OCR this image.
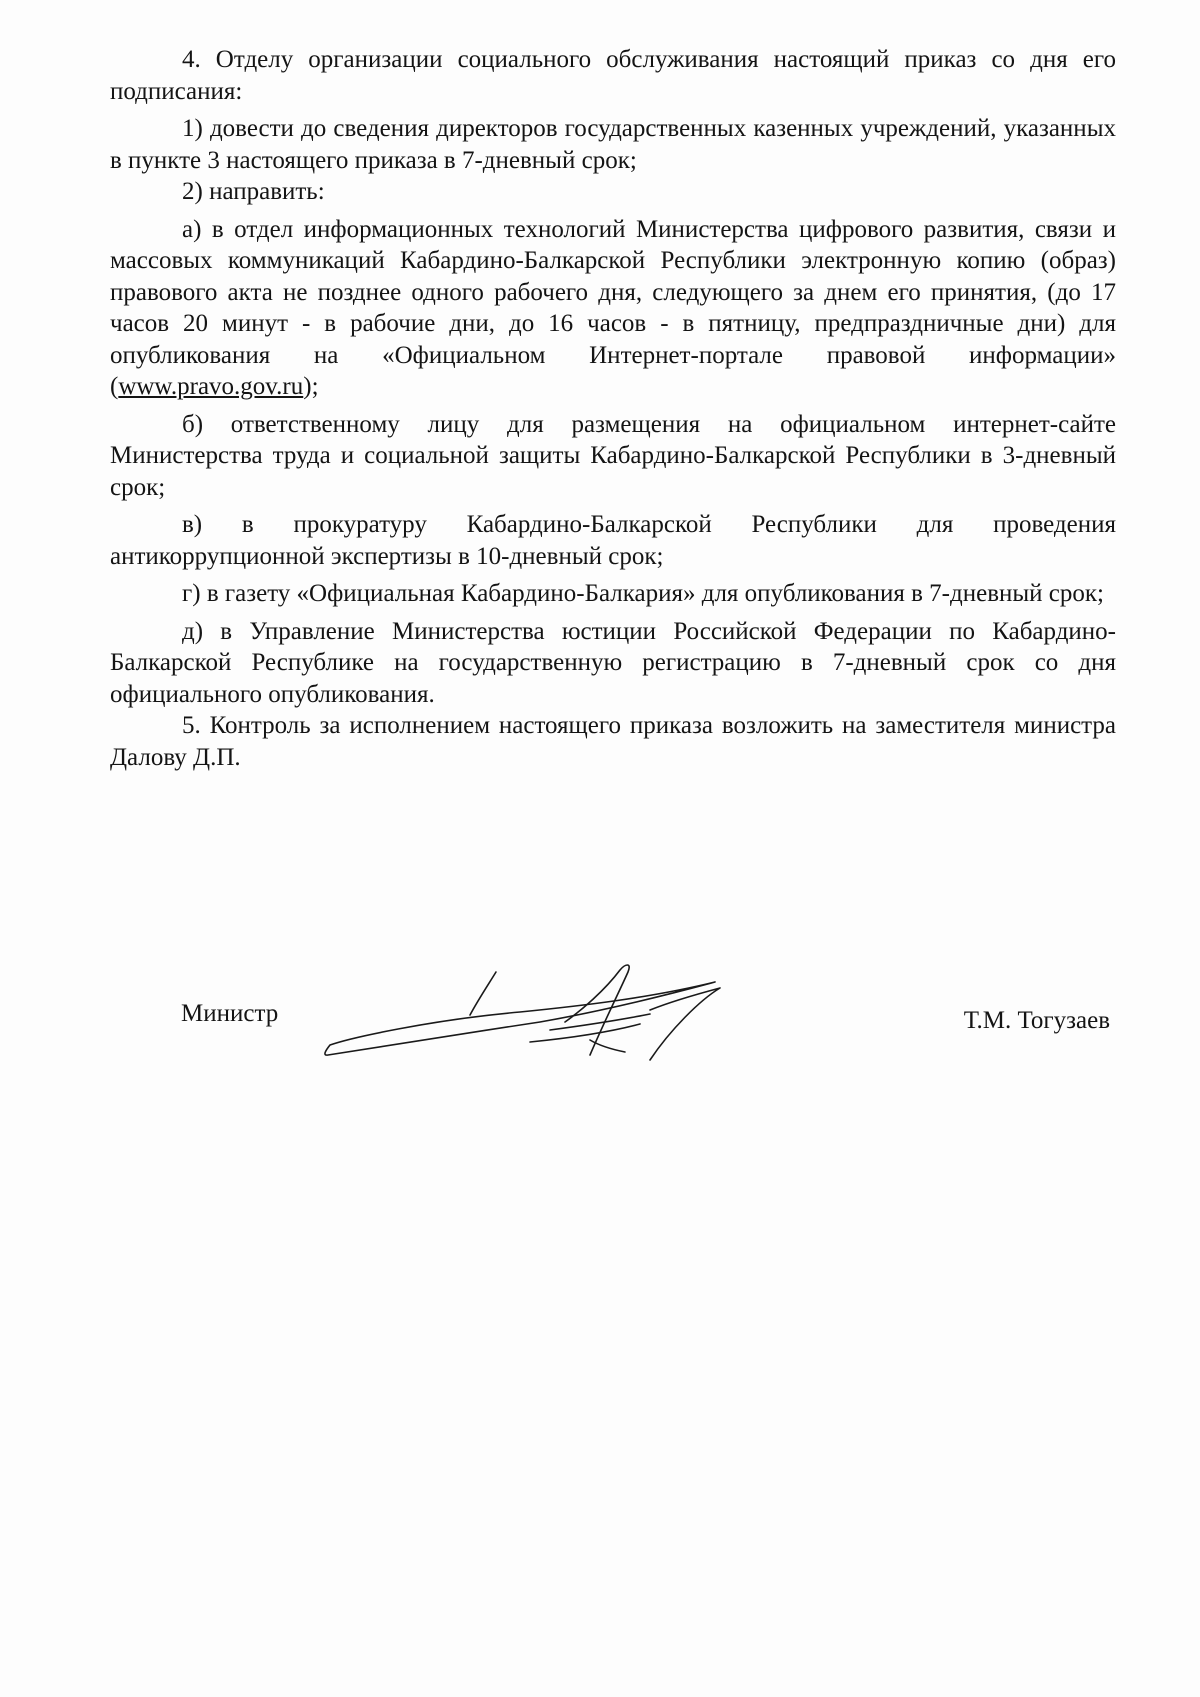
4. Отделу организации социального обслуживания настоящий приказ со дня его подписания:

1) довести до сведения директоров государственных казенных учреждений, указанных в пункте 3 настоящего приказа в 7-дневный срок;

2) направить:

а) в отдел информационных технологий Министерства цифрового развития, связи и массовых коммуникаций Кабардино-Балкарской Республики электронную копию (образ) правового акта не позднее одного рабочего дня, следующего за днем его принятия, (до 17 часов 20 минут - в рабочие дни, до 16 часов - в пятницу, предпраздничные дни) для опубликования на «Официальном Интернет-портале правовой информации» (www.pravo.gov.ru);

б) ответственному лицу для размещения на официальном интернет-сайте Министерства труда и социальной защиты Кабардино-Балкарской Республики в 3-дневный срок;

в) в прокуратуру Кабардино-Балкарской Республики для проведения антикоррупционной экспертизы в 10-дневный срок;

г) в газету «Официальная Кабардино-Балкария» для опубликования в 7-дневный срок;

д) в Управление Министерства юстиции Российской Федерации по Кабардино-Балкарской Республике на государственную регистрацию в 7-дневный срок со дня официального опубликования.

5. Контроль за исполнением настоящего приказа возложить на заместителя министра Далову Д.П.

Министр	Т.М. Тогузаев
